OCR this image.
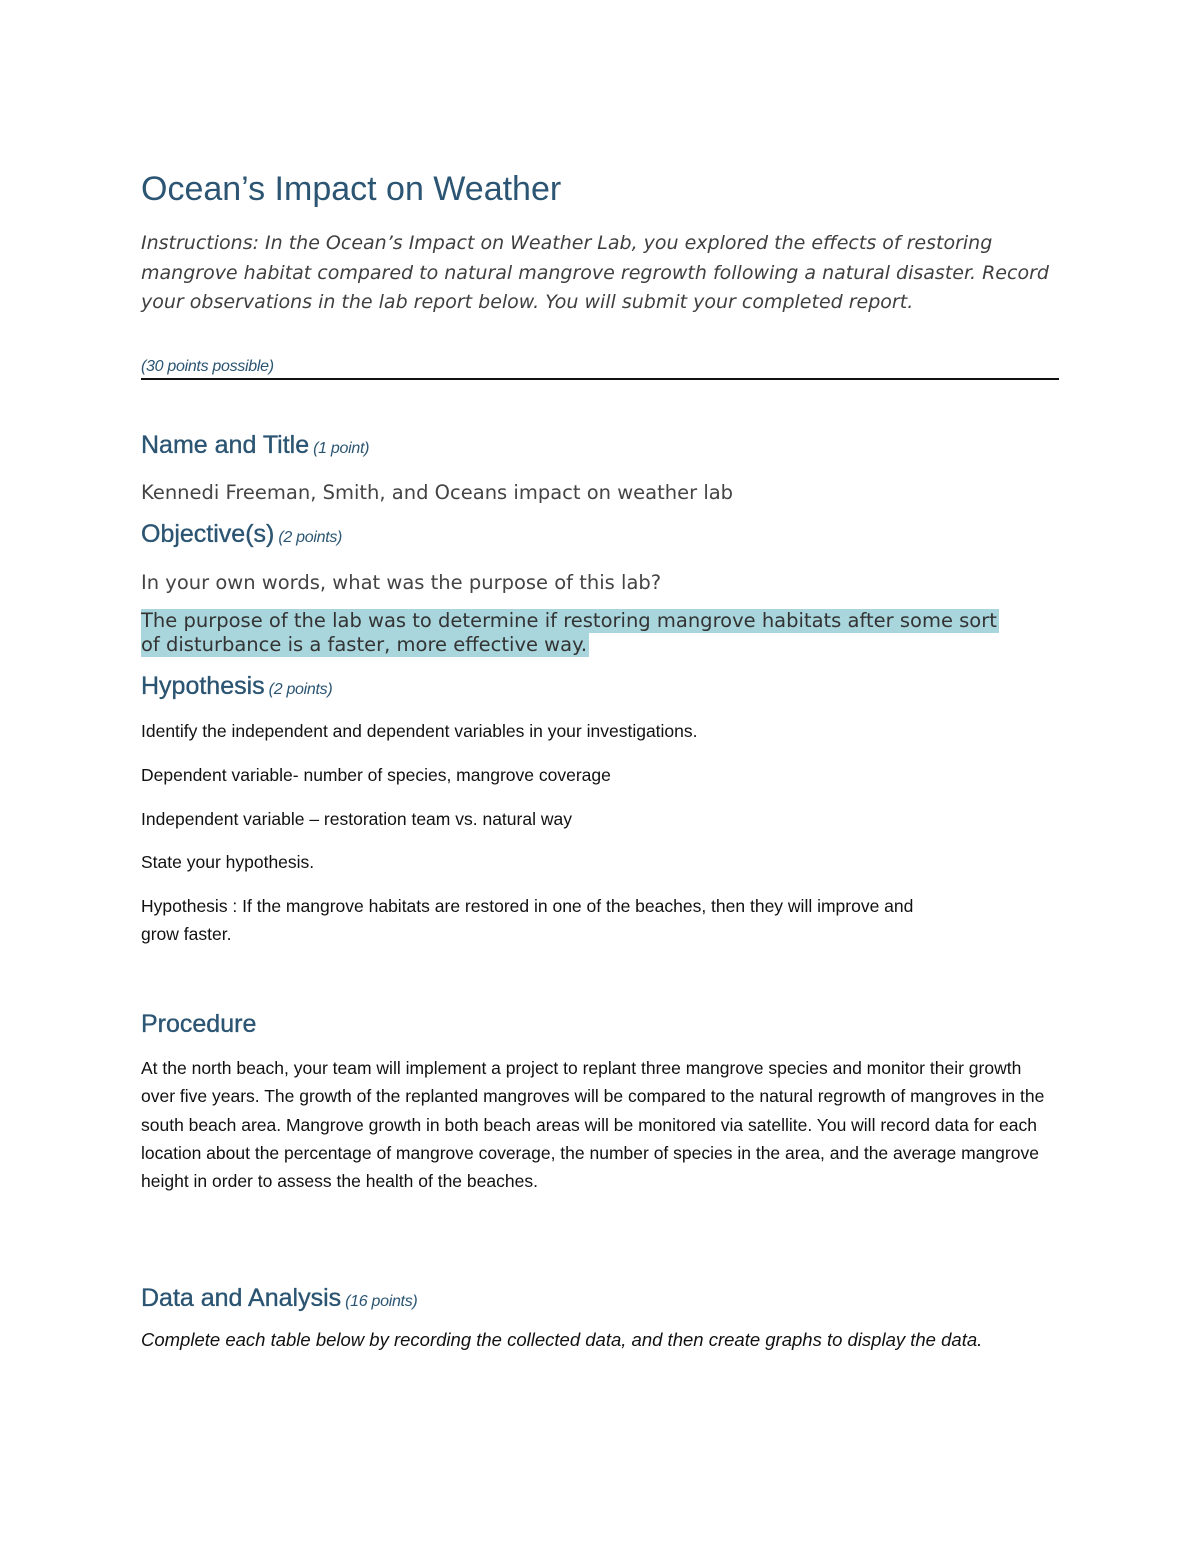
Ocean’s Impact on Weather

Instructions: In the Ocean’s Impact on Weather Lab, you explored the effects of restoring mangrove habitat compared to natural mangrove regrowth following a natural disaster. Record your observations in the lab report below. You will submit your completed report.

(30 points possible)
Name and Title (1 point)
Kennedi Freeman, Smith, and Oceans impact on weather lab
Objective(s) (2 points)
In your own words, what was the purpose of this lab?
The purpose of the lab was to determine if restoring mangrove habitats after some sort
of disturbance is a faster, more effective way.
Hypothesis (2 points)
Identify the independent and dependent variables in your investigations.
Dependent variable- number of species, mangrove coverage
Independent variable – restoration team vs. natural way
State your hypothesis.
Hypothesis : If the mangrove habitats are restored in one of the beaches, then they will improve and
grow faster.
Procedure

At the north beach, your team will implement a project to replant three mangrove species and monitor their growth over five years. The growth of the replanted mangroves will be compared to the natural regrowth of mangroves in the south beach area. Mangrove growth in both beach areas will be monitored via satellite. You will record data for each location about the percentage of mangrove coverage, the number of species in the area, and the average mangrove height in order to assess the health of the beaches.

Data and Analysis (16 points)
Complete each table below by recording the collected data, and then create graphs to display the data.
